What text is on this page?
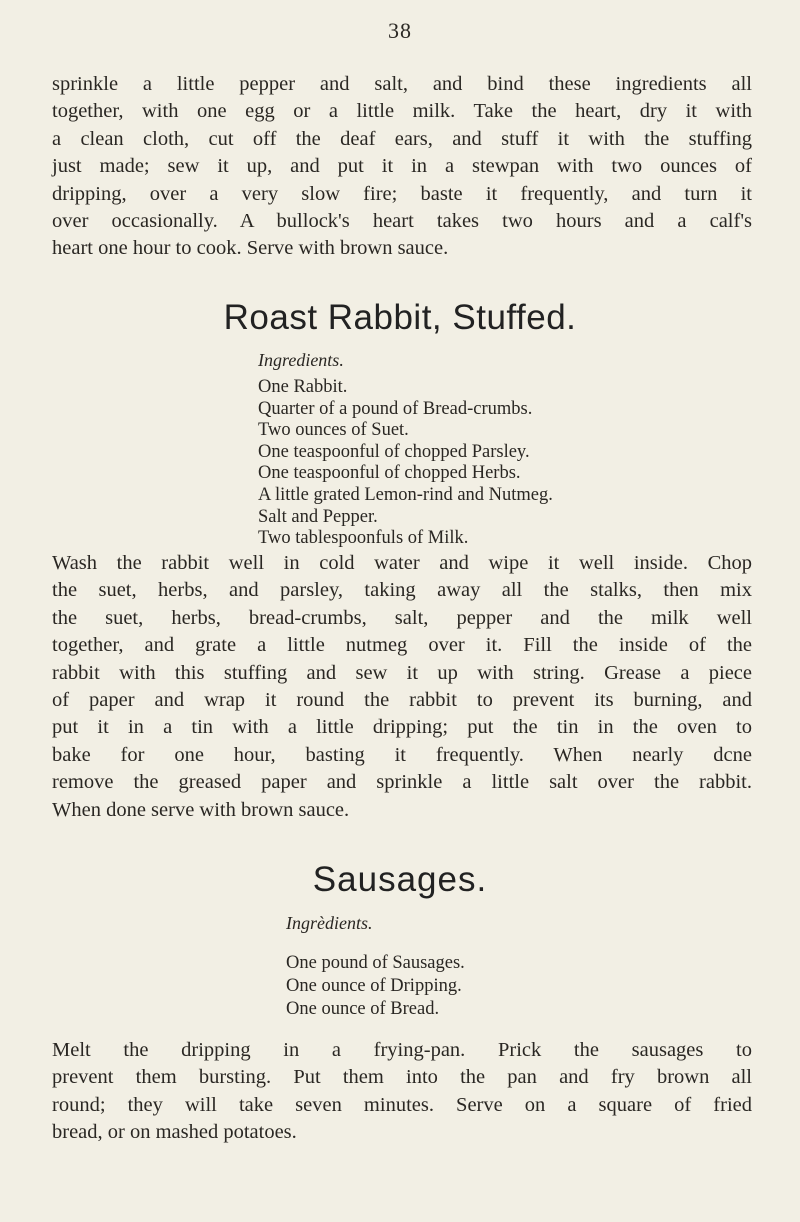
38

sprinkle a little pepper and salt, and bind these ingredients all
together, with one egg or a little milk. Take the heart, dry it with
a clean cloth, cut off the deaf ears, and stuff it with the stuffing
just made; sew it up, and put it in a stewpan with two ounces of
dripping, over a very slow fire; baste it frequently, and turn it
over occasionally. A bullock's heart takes two hours and a calf's
heart one hour to cook. Serve with brown sauce.

Roast Rabbit, Stuffed.

Ingredients.

One Rabbit.
Quarter of a pound of Bread-crumbs.
Two ounces of Suet.
One teaspoonful of chopped Parsley.
One teaspoonful of chopped Herbs.
A little grated Lemon-rind and Nutmeg.
Salt and Pepper.
Two tablespoonfuls of Milk.

Wash the rabbit well in cold water and wipe it well inside. Chop
the suet, herbs, and parsley, taking away all the stalks, then mix
the suet, herbs, bread-crumbs, salt, pepper and the milk well
together, and grate a little nutmeg over it. Fill the inside of the
rabbit with this stuffing and sew it up with string. Grease a piece
of paper and wrap it round the rabbit to prevent its burning, and
put it in a tin with a little dripping; put the tin in the oven to
bake for one hour, basting it frequently. When nearly dcne
remove the greased paper and sprinkle a little salt over the rabbit.
When done serve with brown sauce.

Sausages.

Ingrèdients.

One pound of Sausages.
One ounce of Dripping.
One ounce of Bread.

Melt the dripping in a frying-pan. Prick the sausages to
prevent them bursting. Put them into the pan and fry brown all
round; they will take seven minutes. Serve on a square of fried
bread, or on mashed potatoes.
